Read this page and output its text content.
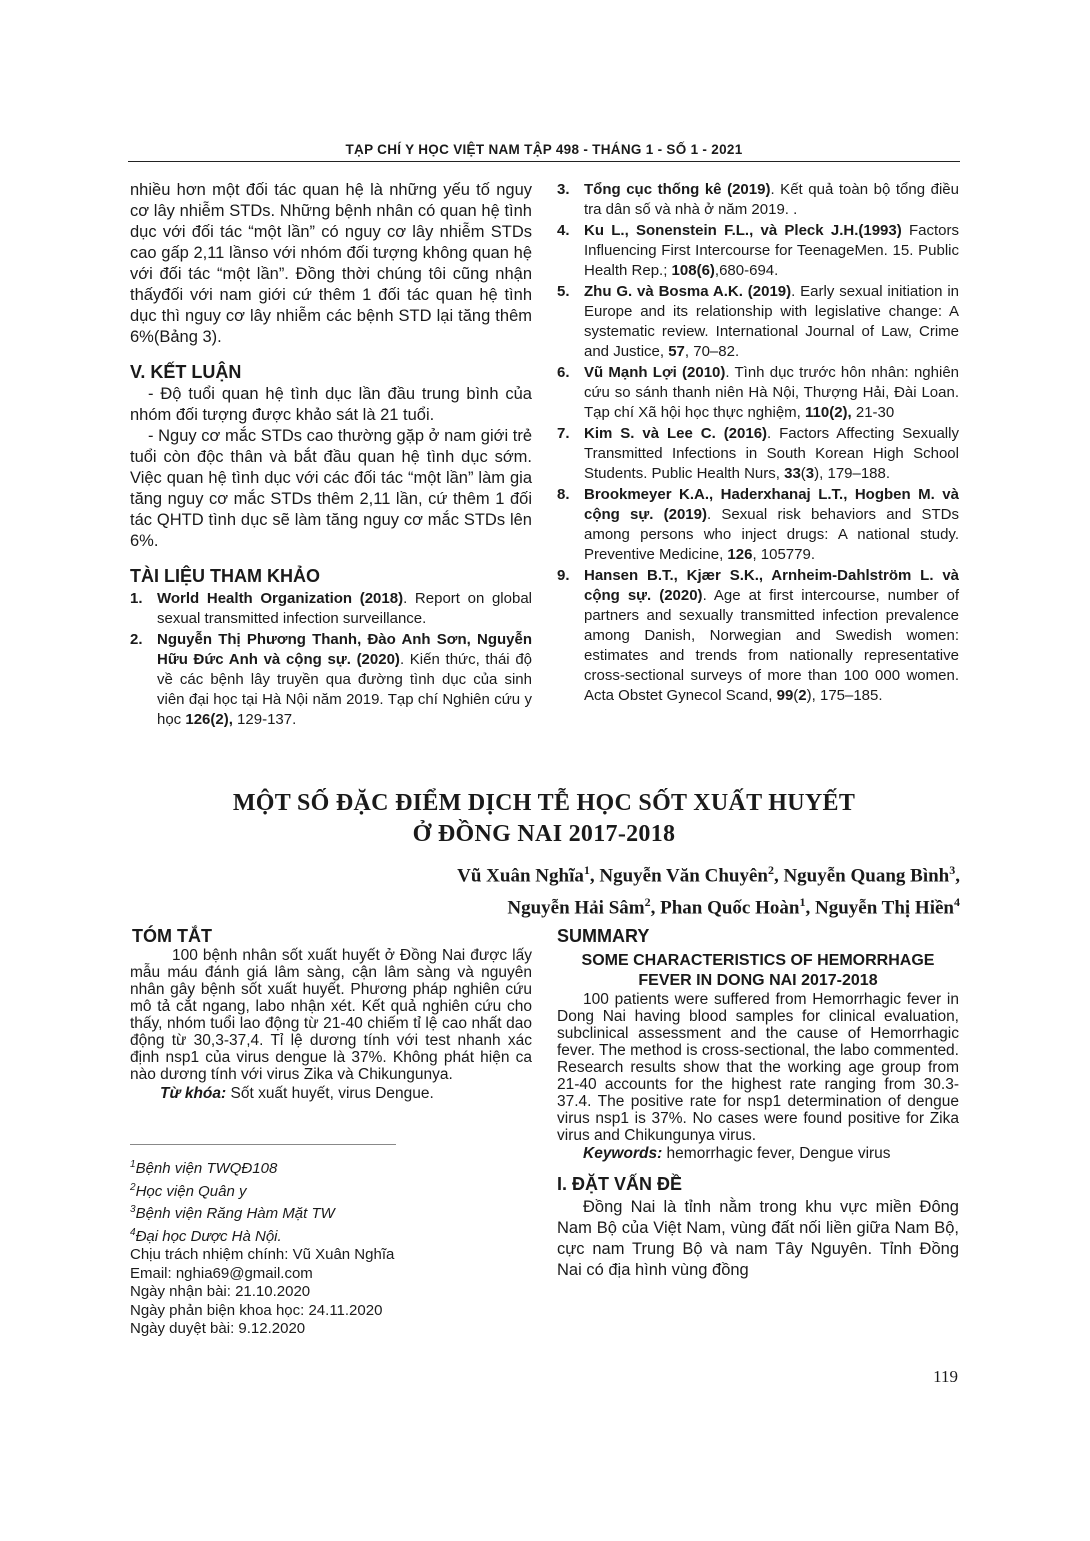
TẠP CHÍ Y HỌC VIỆT NAM TẬP 498 - THÁNG 1 - SỐ 1 - 2021

nhiều hơn một đối tác quan hệ là những yếu tố nguy cơ lây nhiễm STDs. Những bệnh nhân có quan hệ tình dục với đối tác “một lần” có nguy cơ lây nhiễm STDs cao gấp 2,11 lầnso với nhóm đối tượng không quan hệ với đối tác “một lần”. Đồng thời chúng tôi cũng nhận thấyđối với nam giới cứ thêm 1 đối tác quan hệ tình dục thì nguy cơ lây nhiễm các bệnh STD lại tăng thêm 6%(Bảng 3).

V. KẾT LUẬN

- Độ tuổi quan hệ tình dục lần đầu trung bình của nhóm đối tượng được khảo sát là 21 tuổi.

- Nguy cơ mắc STDs cao thường gặp ở nam giới trẻ tuổi còn độc thân và bắt đầu quan hệ tình dục sớm. Việc quan hệ tình dục với các đối tác “một lần” làm gia tăng nguy cơ mắc STDs thêm 2,11 lần, cứ thêm 1 đối tác QHTD tình dục sẽ làm tăng nguy cơ mắc STDs lên 6%.

TÀI LIỆU THAM KHẢO

1. World Health Organization (2018). Report on global sexual transmitted infection surveillance.
2. Nguyễn Thị Phương Thanh, Đào Anh Sơn, Nguyễn Hữu Đức Anh và cộng sự. (2020). Kiến thức, thái độ về các bệnh lây truyền qua đường tình dục của sinh viên đại học tại Hà Nội năm 2019. Tạp chí Nghiên cứu y học 126(2), 129-137.
3. Tổng cục thống kê (2019). Kết quả toàn bộ tổng điều tra dân số và nhà ở năm 2019. .
4. Ku L., Sonenstein F.L., và Pleck J.H.(1993) Factors Influencing First Intercourse for TeenageMen. 15. Public Health Rep.; 108(6),680-694.
5. Zhu G. và Bosma A.K. (2019). Early sexual initiation in Europe and its relationship with legislative change: A systematic review. International Journal of Law, Crime and Justice, 57, 70–82.
6. Vũ Mạnh Lợi (2010). Tình dục trước hôn nhân: nghiên cứu so sánh thanh niên Hà Nội, Thượng Hải, Đài Loan. Tạp chí Xã hội học thực nghiệm, 110(2), 21-30
7. Kim S. và Lee C. (2016). Factors Affecting Sexually Transmitted Infections in South Korean High School Students. Public Health Nurs, 33(3), 179–188.
8. Brookmeyer K.A., Haderxhanaj L.T., Hogben M. và cộng sự. (2019). Sexual risk behaviors and STDs among persons who inject drugs: A national study. Preventive Medicine, 126, 105779.
9. Hansen B.T., Kjær S.K., Arnheim-Dahlström L. và cộng sự. (2020). Age at first intercourse, number of partners and sexually transmitted infection prevalence among Danish, Norwegian and Swedish women: estimates and trends from nationally representative cross-sectional surveys of more than 100 000 women. Acta Obstet Gynecol Scand, 99(2), 175–185.
MỘT SỐ ĐẶC ĐIỂM DỊCH TỄ HỌC SỐT XUẤT HUYẾT
Ở ĐỒNG NAI 2017-2018
Vũ Xuân Nghĩa$^1$, Nguyễn Văn Chuyên$^2$, Nguyễn Quang Bình$^3$,
Nguyễn Hải Sâm$^2$, Phan Quốc Hoàn$^1$, Nguyễn Thị Hiền$^4$

TÓM TẮT

100 bệnh nhân sốt xuất huyết ở Đồng Nai được lấy mẫu máu đánh giá lâm sàng, cận lâm sàng và nguyên nhân gây bệnh sốt xuất huyết. Phương pháp nghiên cứu mô tả cắt ngang, labo nhận xét. Kết quả nghiên cứu cho thấy, nhóm tuổi lao động từ 21-40 chiếm tỉ lệ cao nhất dao động từ 30,3-37,4. Tỉ lệ dương tính với test nhanh xác định nsp1 của virus dengue là 37%. Không phát hiện ca nào dương tính với virus Zika và Chikungunya.

Từ khóa: Sốt xuất huyết, virus Dengue.

$^1$Bệnh viện TWQĐ108
$^2$Học viện Quân y
$^3$Bệnh viện Răng Hàm Mặt TW
$^4$Đại học Dược Hà Nội.
Chịu trách nhiệm chính: Vũ Xuân Nghĩa
Email: nghia69@gmail.com
Ngày nhận bài: 21.10.2020
Ngày phản biện khoa học: 24.11.2020
Ngày duyệt bài: 9.12.2020

SUMMARY

SOME CHARACTERISTICS OF HEMORRHAGE
FEVER IN DONG NAI 2017-2018

100 patients were suffered from Hemorrhagic fever in Dong Nai having blood samples for clinical evaluation, subclinical assessment and the cause of Hemorrhagic fever. The method is cross-sectional, the labo commented. Research results show that the working age group from 21-40 accounts for the highest rate ranging from 30.3-37.4. The positive rate for nsp1 determination of dengue virus nsp1 is 37%. No cases were found positive for Zika virus and Chikungunya virus.

Keywords: hemorrhagic fever, Dengue virus

I. ĐẶT VẤN ĐỀ

Đồng Nai là tỉnh nằm trong khu vực miền Đông Nam Bộ của Việt Nam, vùng đất nối liền giữa Nam Bộ, cực nam Trung Bộ và nam Tây Nguyên. Tỉnh Đồng Nai có địa hình vùng đồng

119
